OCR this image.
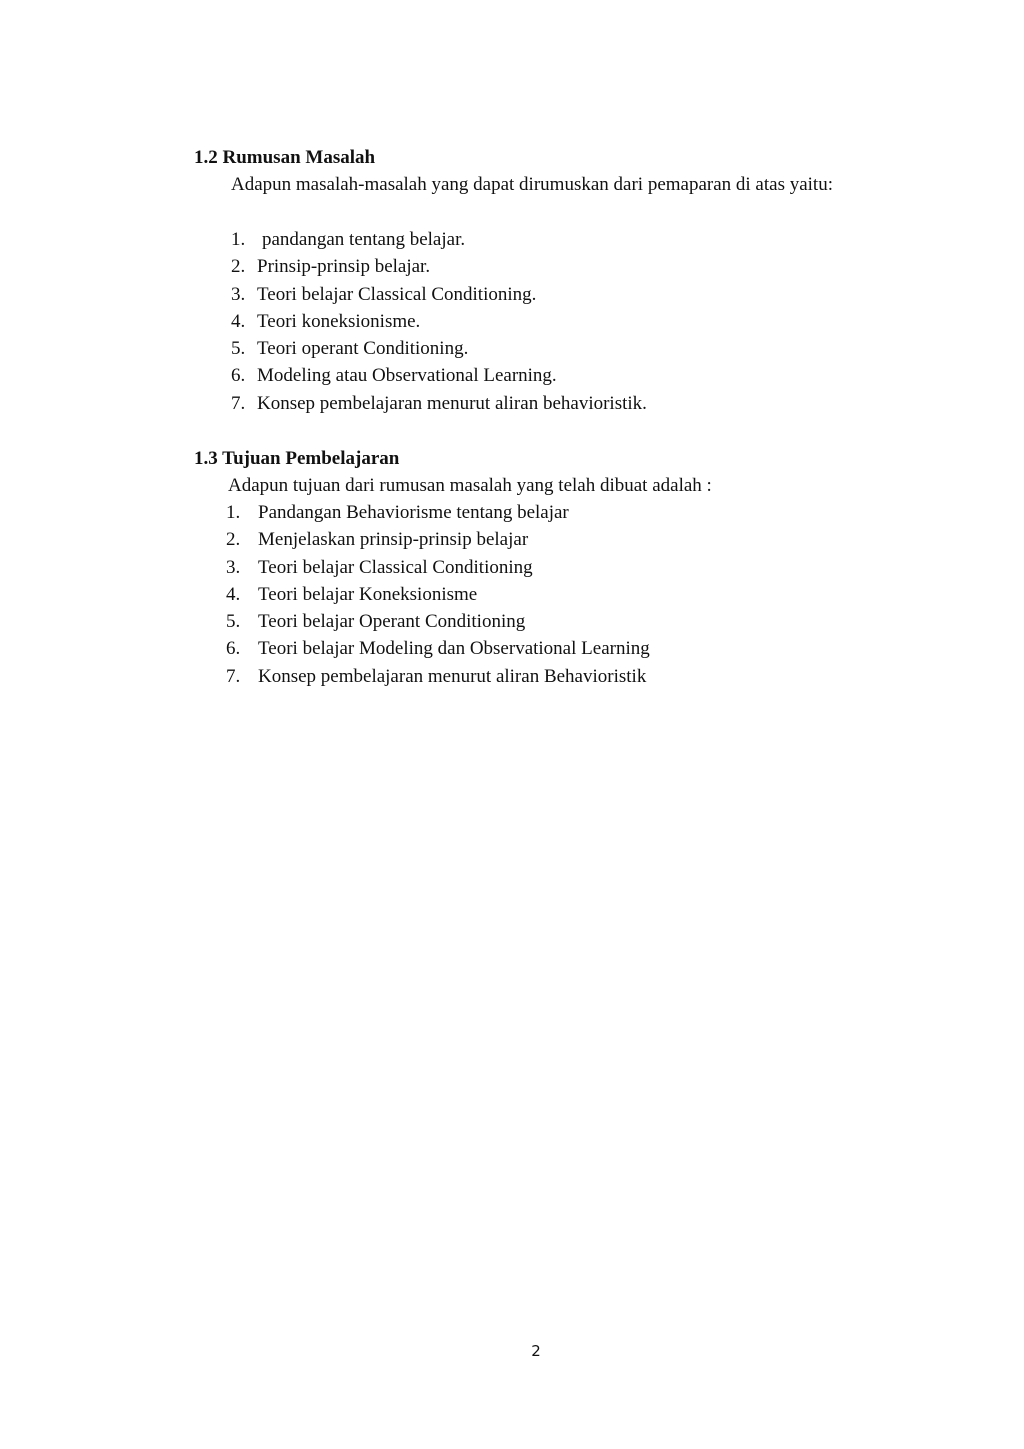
1.2 Rumusan Masalah
Adapun masalah-masalah yang dapat dirumuskan dari pemaparan di atas yaitu:
1. pandangan tentang belajar.
2. Prinsip-prinsip belajar.
3. Teori belajar Classical Conditioning.
4. Teori koneksionisme.
5. Teori operant Conditioning.
6. Modeling atau Observational Learning.
7. Konsep pembelajaran menurut aliran behavioristik.
1.3 Tujuan Pembelajaran
Adapun tujuan dari rumusan masalah yang telah dibuat adalah :
1. Pandangan Behaviorisme tentang belajar
2. Menjelaskan prinsip-prinsip belajar
3. Teori belajar Classical Conditioning
4. Teori belajar Koneksionisme
5. Teori belajar Operant Conditioning
6. Teori belajar Modeling dan Observational Learning
7. Konsep pembelajaran menurut aliran Behavioristik
2
